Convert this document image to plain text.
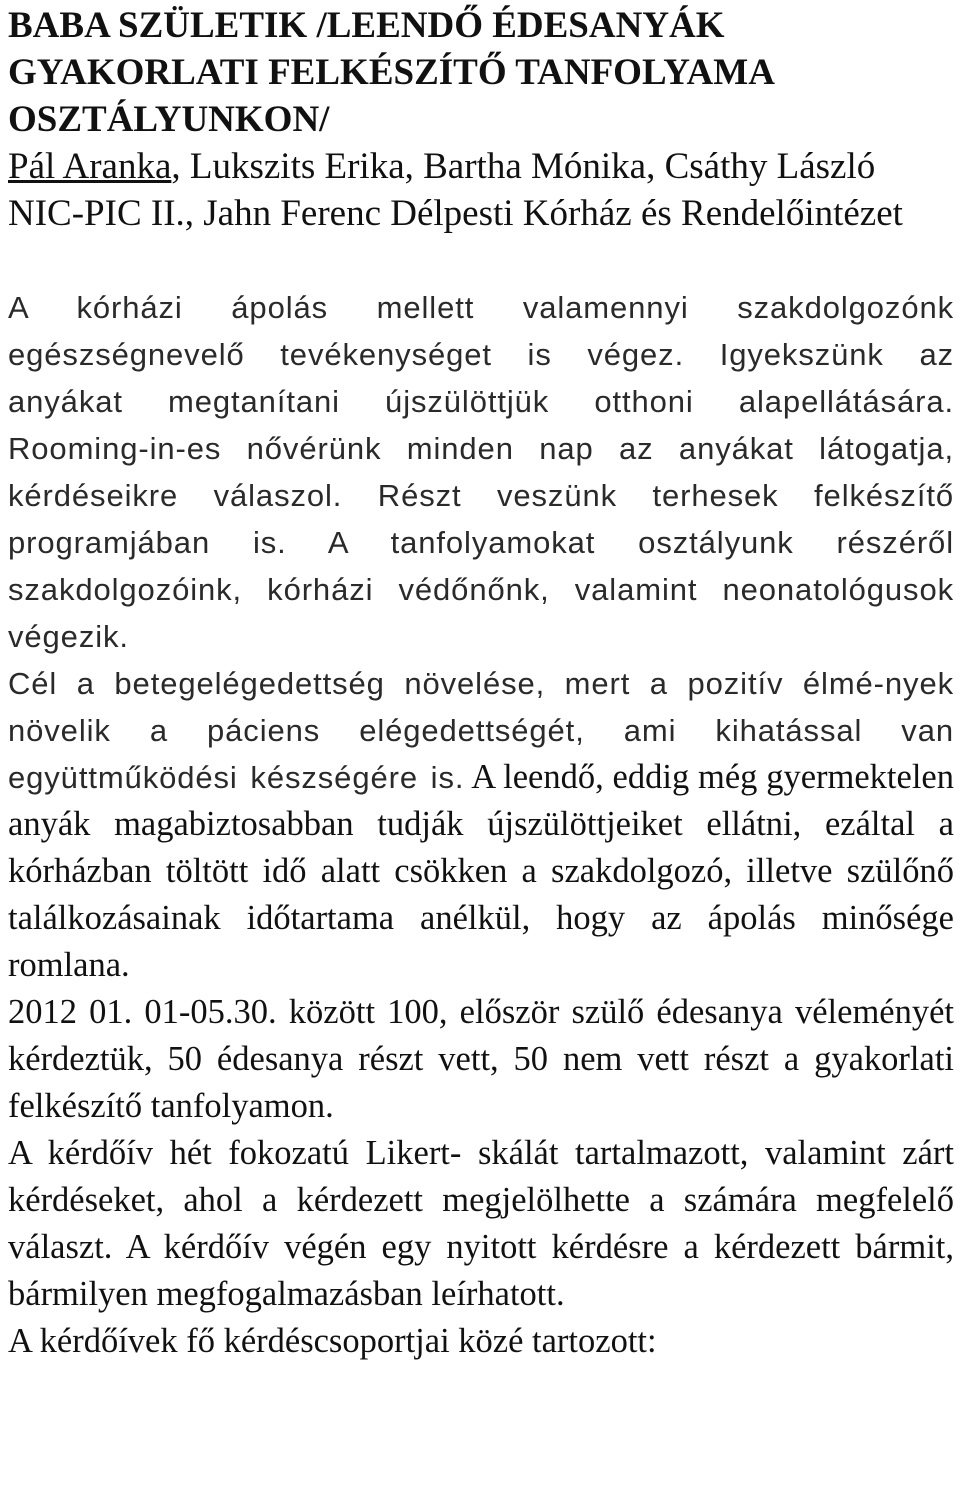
BABA SZÜLETIK /LEENDŐ ÉDESANYÁK
GYAKORLATI FELKÉSZÍTŐ TANFOLYAMA
OSZTÁLYUNKON/

Pál Aranka, Lukszits Erika, Bartha Mónika, Csáthy László

NIC-PIC II., Jahn Ferenc Délpesti Kórház és Rendelőintézet

A kórházi ápolás mellett valamennyi szakdolgozónk egészségnevelő tevékenységet is végez. Igyekszünk az anyákat megtanítani újszülöttjük otthoni alapellátására. Rooming-in-es nővérünk minden nap az anyákat látogatja, kérdéseikre válaszol. Részt veszünk terhesek felkészítő programjában is. A tanfolyamokat osztályunk részéről szakdolgozóink, kórházi védőnőnk, valamint neonatológusok végezik.

Cél a betegelégedettség növelése, mert a pozitív élmé-nyek növelik a páciens elégedettségét, ami kihatással van együttműködési készségére is. A leendő, eddig még gyermektelen anyák magabiztosabban tudják újszülöttjeiket ellátni, ezáltal a kórházban töltött idő alatt csökken a szakdolgozó, illetve szülőnő találkozásainak időtartama anélkül, hogy az ápolás minősége romlana.

2012 01. 01-05.30. között 100, először szülő édesanya véleményét kérdeztük, 50 édesanya részt vett, 50 nem vett részt a gyakorlati felkészítő tanfolyamon.

A kérdőív hét fokozatú Likert- skálát tartalmazott, valamint zárt kérdéseket, ahol a kérdezett megjelölhette a számára megfelelő választ. A kérdőív végén egy nyitott kérdésre a kérdezett bármit, bármilyen megfogalmazásban leírhatott.

A kérdőívek fő kérdéscsoportjai közé tartozott:
